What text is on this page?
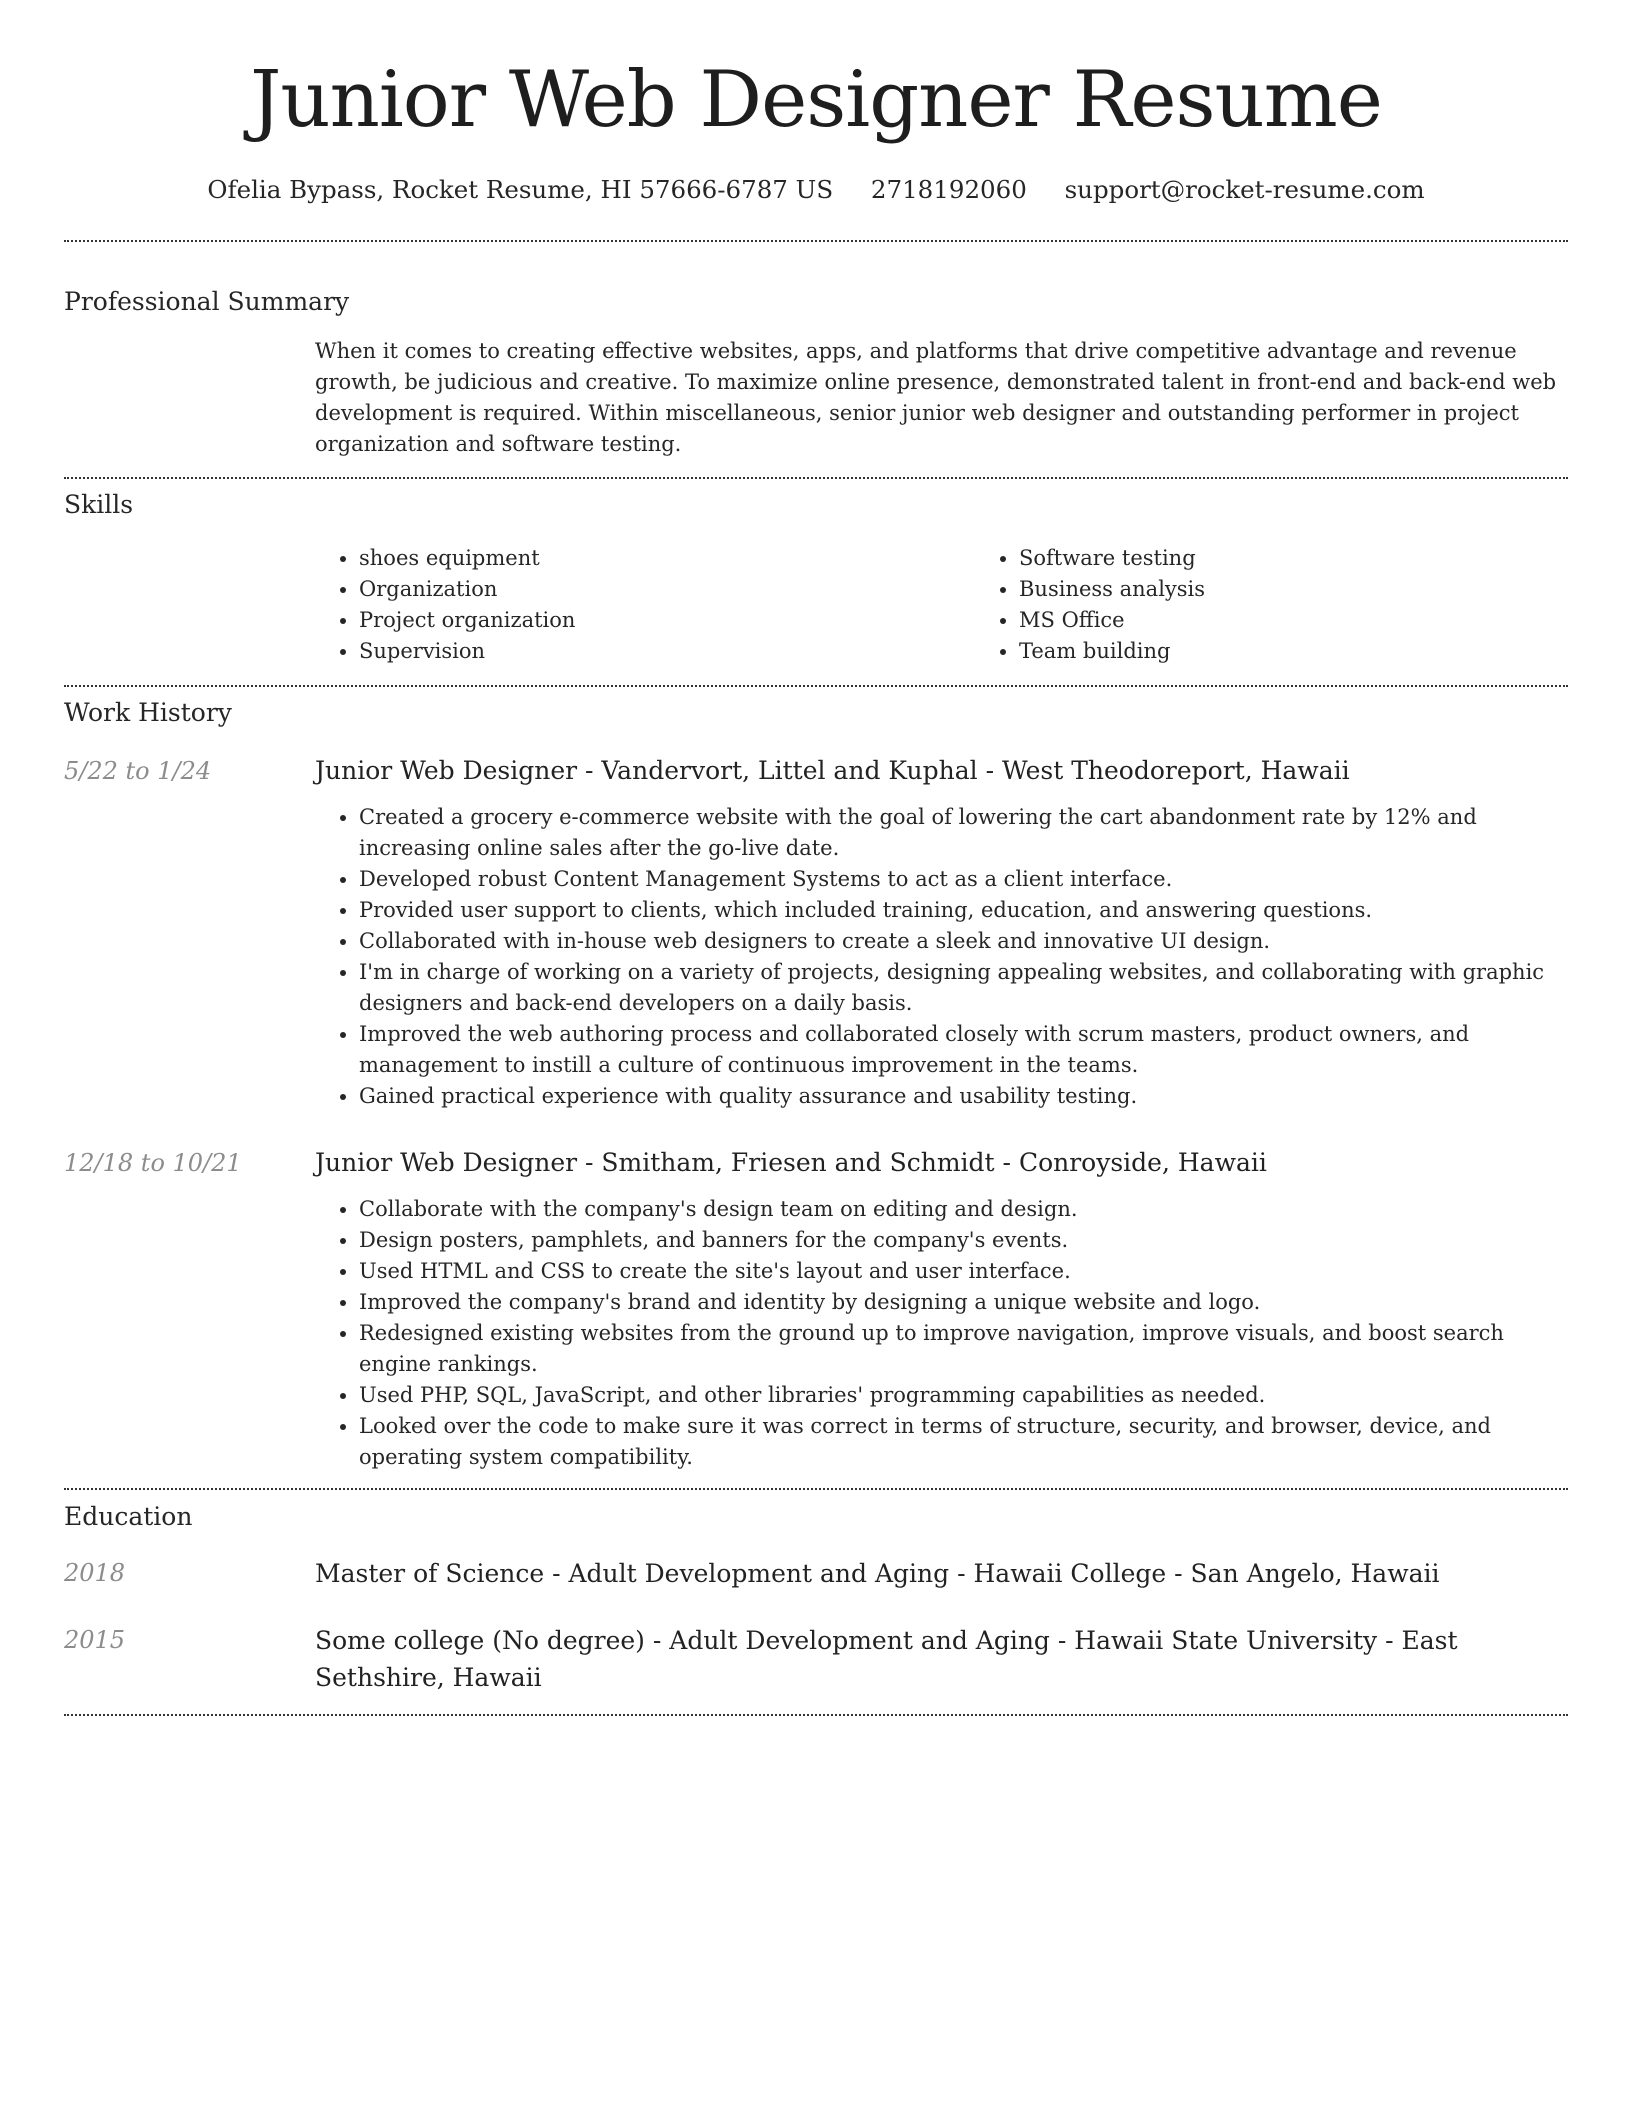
Junior Web Designer Resume
Ofelia Bypass, Rocket Resume, HI 57666-6787 US 2718192060 support@rocket-resume.com
Professional Summary

When it comes to creating effective websites, apps, and platforms that drive competitive advantage and revenue growth, be judicious and creative. To maximize online presence, demonstrated talent in front-end and back-end web development is required. Within miscellaneous, senior junior web designer and outstanding performer in project organization and software testing.

Skills
• shoes equipment
• Organization
• Project organization
• Supervision
• Software testing
• Business analysis
• MS Office
• Team building
Work History
5/22 to 1/24	Junior Web Designer - Vandervort, Littel and Kuphal - West Theodoreport, Hawaii
• Created a grocery e-commerce website with the goal of lowering the cart abandonment rate by 12% and increasing online sales after the go-live date.
• Developed robust Content Management Systems to act as a client interface.
• Provided user support to clients, which included training, education, and answering questions.
• Collaborated with in-house web designers to create a sleek and innovative UI design.
• I'm in charge of working on a variety of projects, designing appealing websites, and collaborating with graphic designers and back-end developers on a daily basis.
• Improved the web authoring process and collaborated closely with scrum masters, product owners, and management to instill a culture of continuous improvement in the teams.
• Gained practical experience with quality assurance and usability testing.
12/18 to 10/21	Junior Web Designer - Smitham, Friesen and Schmidt - Conroyside, Hawaii
• Collaborate with the company's design team on editing and design.
• Design posters, pamphlets, and banners for the company's events.
• Used HTML and CSS to create the site's layout and user interface.
• Improved the company's brand and identity by designing a unique website and logo.
• Redesigned existing websites from the ground up to improve navigation, improve visuals, and boost search engine rankings.
• Used PHP, SQL, JavaScript, and other libraries' programming capabilities as needed.
• Looked over the code to make sure it was correct in terms of structure, security, and browser, device, and operating system compatibility.
Education
2018	Master of Science - Adult Development and Aging - Hawaii College - San Angelo, Hawaii
2015	Some college (No degree) - Adult Development and Aging - Hawaii State University - East Sethshire, Hawaii
